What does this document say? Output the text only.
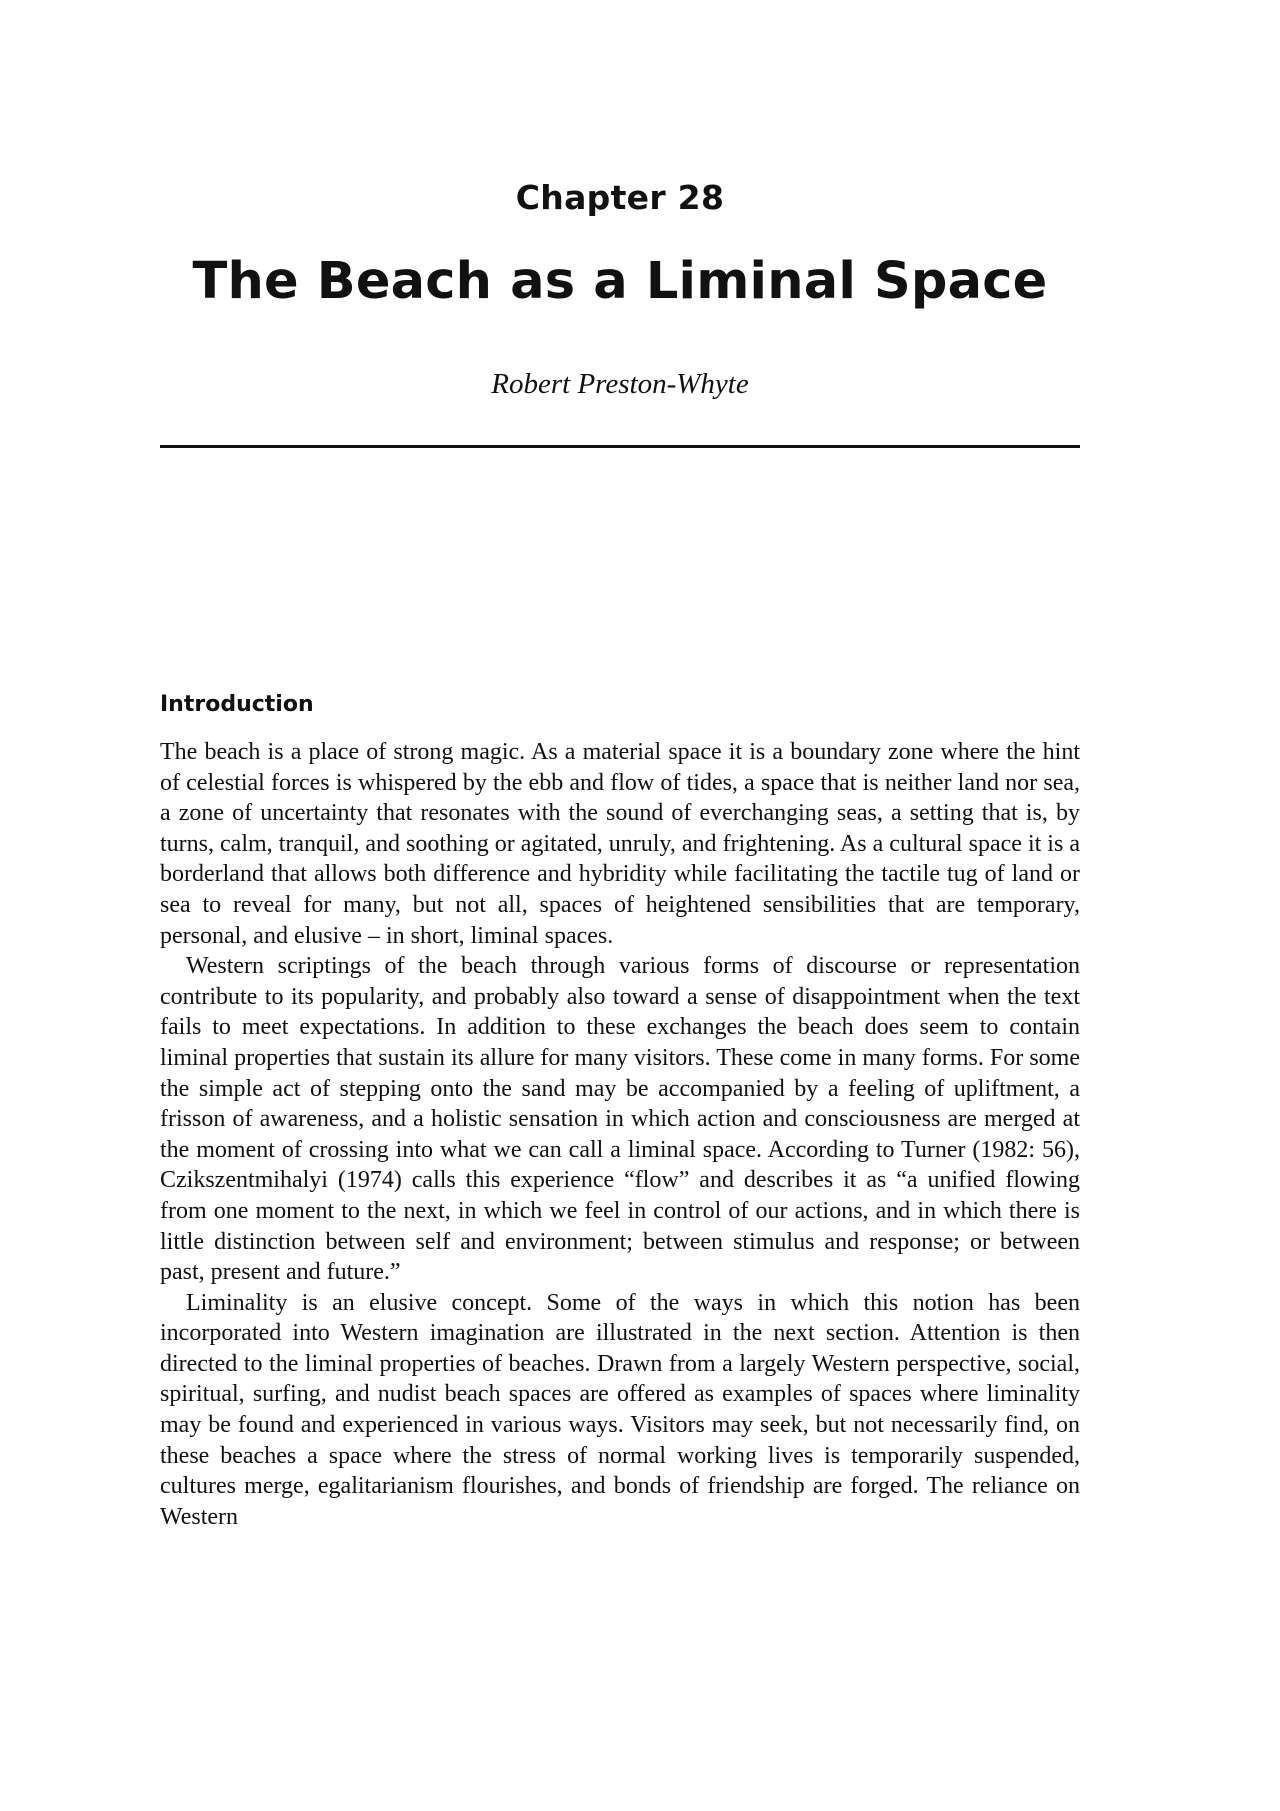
Chapter 28
The Beach as a Liminal Space
Robert Preston-Whyte
Introduction

The beach is a place of strong magic. As a material space it is a boundary zone where the hint of celestial forces is whispered by the ebb and flow of tides, a space that is neither land nor sea, a zone of uncertainty that resonates with the sound of everchanging seas, a setting that is, by turns, calm, tranquil, and soothing or agitated, unruly, and frightening. As a cultural space it is a borderland that allows both difference and hybridity while facilitating the tactile tug of land or sea to reveal for many, but not all, spaces of heightened sensibilities that are temporary, personal, and elusive – in short, liminal spaces.

Western scriptings of the beach through various forms of discourse or representation contribute to its popularity, and probably also toward a sense of disappointment when the text fails to meet expectations. In addition to these exchanges the beach does seem to contain liminal properties that sustain its allure for many visitors. These come in many forms. For some the simple act of stepping onto the sand may be accompanied by a feeling of upliftment, a frisson of awareness, and a holistic sensation in which action and consciousness are merged at the moment of crossing into what we can call a liminal space. According to Turner (1982: 56), Czikszentmihalyi (1974) calls this experience “flow” and describes it as “a unified flowing from one moment to the next, in which we feel in control of our actions, and in which there is little distinction between self and environment; between stimulus and response; or between past, present and future.”

Liminality is an elusive concept. Some of the ways in which this notion has been incorporated into Western imagination are illustrated in the next section. Attention is then directed to the liminal properties of beaches. Drawn from a largely Western perspective, social, spiritual, surfing, and nudist beach spaces are offered as examples of spaces where liminality may be found and experienced in various ways. Visitors may seek, but not necessarily find, on these beaches a space where the stress of normal working lives is temporarily suspended, cultures merge, egalitarianism flourishes, and bonds of friendship are forged. The reliance on Western
